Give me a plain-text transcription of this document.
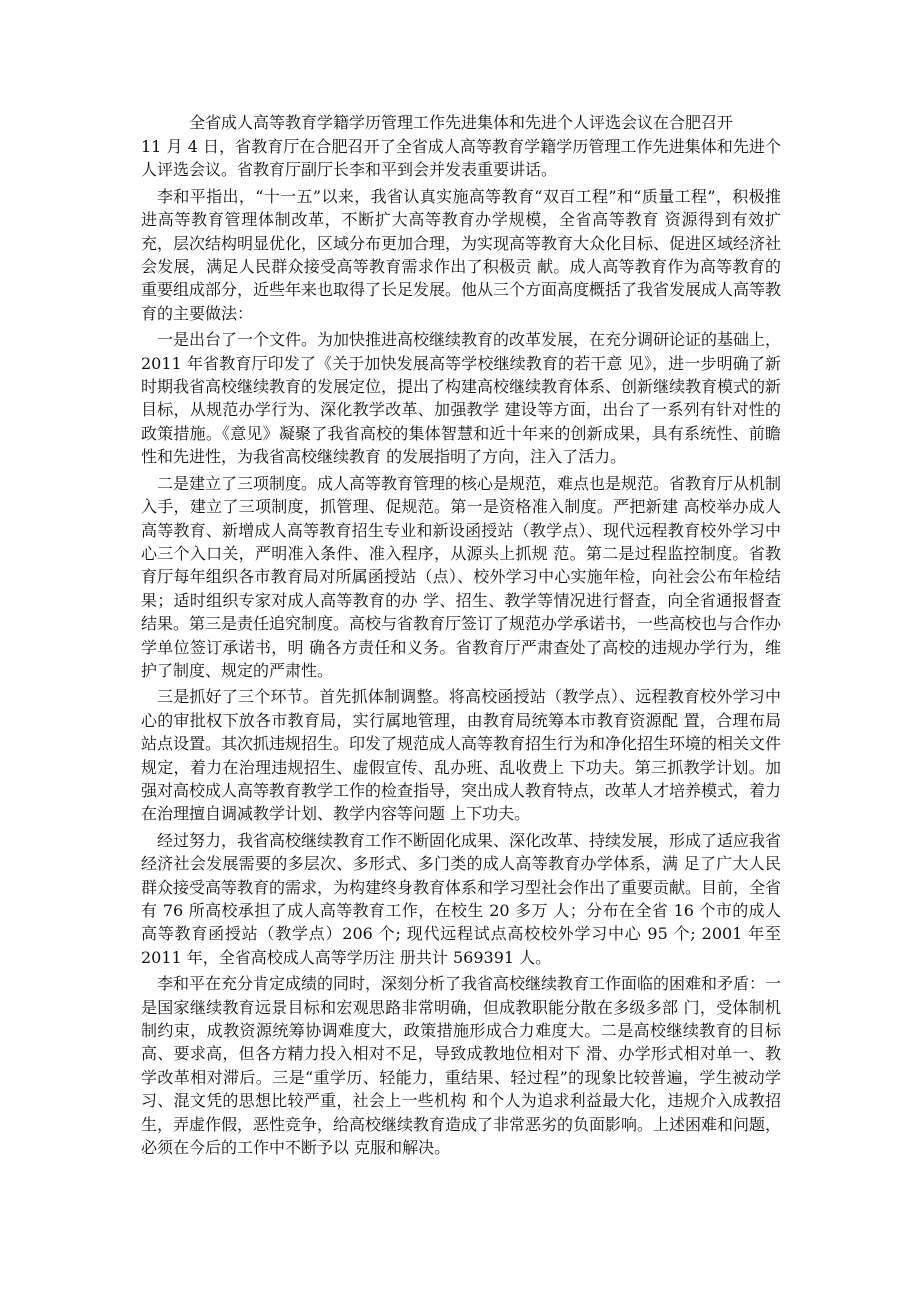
全省成人高等教育学籍学历管理工作先进集体和先进个人评选会议在合肥召开

11 月 4 日，省教育厅在合肥召开了全省成人高等教育学籍学历管理工作先进集体和先进个人评选会议。省教育厅副厅长李和平到会并发表重要讲话。

李和平指出，“十一五”以来，我省认真实施高等教育“双百工程”和“质量工程”，积极推进高等教育管理体制改革，不断扩大高等教育办学规模，全省高等教育 资源得到有效扩充，层次结构明显优化，区域分布更加合理，为实现高等教育大众化目标、促进区域经济社会发展，满足人民群众接受高等教育需求作出了积极贡 献。成人高等教育作为高等教育的重要组成部分，近些年来也取得了长足发展。他从三个方面高度概括了我省发展成人高等教育的主要做法：

一是出台了一个文件。为加快推进高校继续教育的改革发展，在充分调研论证的基础上，2011 年省教育厅印发了《关于加快发展高等学校继续教育的若干意 见》，进一步明确了新时期我省高校继续教育的发展定位，提出了构建高校继续教育体系、创新继续教育模式的新目标，从规范办学行为、深化教学改革、加强教学 建设等方面，出台了一系列有针对性的政策措施。《意见》凝聚了我省高校的集体智慧和近十年来的创新成果，具有系统性、前瞻性和先进性，为我省高校继续教育 的发展指明了方向，注入了活力。

二是建立了三项制度。成人高等教育管理的核心是规范，难点也是规范。省教育厅从机制入手，建立了三项制度，抓管理、促规范。第一是资格准入制度。严把新建 高校举办成人高等教育、新增成人高等教育招生专业和新设函授站（教学点）、现代远程教育校外学习中心三个入口关，严明准入条件、准入程序，从源头上抓规 范。第二是过程监控制度。省教育厅每年组织各市教育局对所属函授站（点）、校外学习中心实施年检，向社会公布年检结果；适时组织专家对成人高等教育的办 学、招生、教学等情况进行督查，向全省通报督查结果。第三是责任追究制度。高校与省教育厅签订了规范办学承诺书，一些高校也与合作办学单位签订承诺书，明 确各方责任和义务。省教育厅严肃查处了高校的违规办学行为，维护了制度、规定的严肃性。

三是抓好了三个环节。首先抓体制调整。将高校函授站（教学点）、远程教育校外学习中心的审批权下放各市教育局，实行属地管理，由教育局统筹本市教育资源配 置，合理布局站点设置。其次抓违规招生。印发了规范成人高等教育招生行为和净化招生环境的相关文件规定，着力在治理违规招生、虚假宣传、乱办班、乱收费上 下功夫。第三抓教学计划。加强对高校成人高等教育教学工作的检查指导，突出成人教育特点，改革人才培养模式，着力在治理擅自调减教学计划、教学内容等问题 上下功夫。

经过努力，我省高校继续教育工作不断固化成果、深化改革、持续发展，形成了适应我省经济社会发展需要的多层次、多形式、多门类的成人高等教育办学体系，满 足了广大人民群众接受高等教育的需求，为构建终身教育体系和学习型社会作出了重要贡献。目前，全省有 76 所高校承担了成人高等教育工作，在校生 20 多万 人；分布在全省 16 个市的成人高等教育函授站（教学点）206 个; 现代远程试点高校校外学习中心 95 个; 2001 年至 2011 年，全省高校成人高等学历注 册共计 569391 人。

李和平在充分肯定成绩的同时，深刻分析了我省高校继续教育工作面临的困难和矛盾：一是国家继续教育远景目标和宏观思路非常明确，但成教职能分散在多级多部 门，受体制机制约束，成教资源统筹协调难度大，政策措施形成合力难度大。二是高校继续教育的目标高、要求高，但各方精力投入相对不足，导致成教地位相对下 滑、办学形式相对单一、教学改革相对滞后。三是“重学历、轻能力，重结果、轻过程”的现象比较普遍，学生被动学习、混文凭的思想比较严重，社会上一些机构 和个人为追求利益最大化，违规介入成教招生，弄虚作假，恶性竞争，给高校继续教育造成了非常恶劣的负面影响。上述困难和问题，必须在今后的工作中不断予以 克服和解决。
